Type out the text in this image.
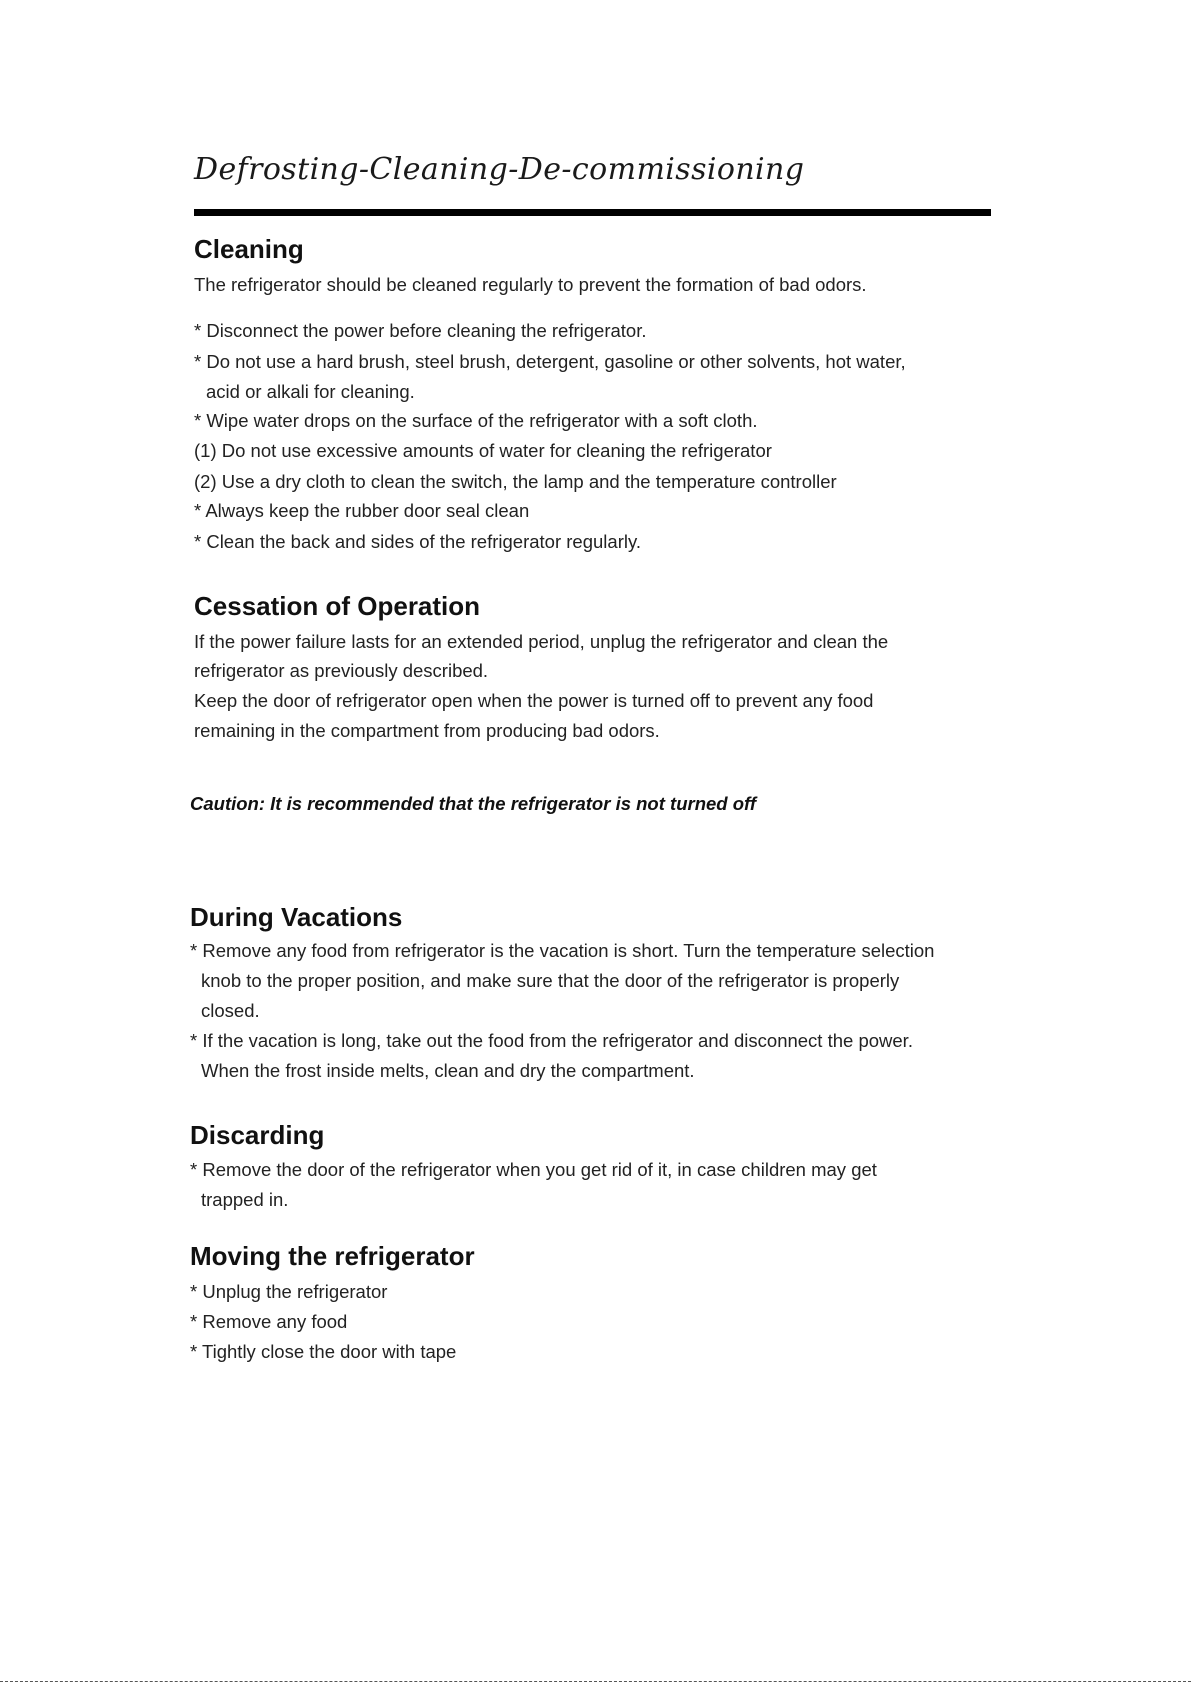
Defrosting-Cleaning-De-commissioning
Cleaning

The refrigerator should be cleaned regularly to prevent the formation of bad odors.

* Disconnect the power before cleaning the refrigerator.

* Do not use a hard brush, steel brush, detergent, gasoline or other solvents, hot water,

acid or alkali for cleaning.

* Wipe water drops on the surface of the refrigerator with a soft cloth.

(1) Do not use excessive amounts of water for cleaning the refrigerator

(2) Use a dry cloth to clean the switch, the lamp and the temperature controller

* Always keep the rubber door seal clean

* Clean the back and sides of the refrigerator regularly.

Cessation of Operation

If the power failure lasts for an extended period, unplug the refrigerator and clean the

refrigerator as previously described.

Keep the door of refrigerator open when the power is turned off to prevent any food

remaining in the compartment from producing bad odors.

Caution: It is recommended that the refrigerator is not turned off

During Vacations

* Remove any food from refrigerator is the vacation is short. Turn the temperature selection

knob to the proper position, and make sure that the door of the refrigerator is properly

closed.

* If the vacation is long, take out the food from the refrigerator and disconnect the power.

When the frost inside melts, clean and dry the compartment.

Discarding

* Remove the door of the refrigerator when you get rid of it, in case children may get

trapped in.

Moving the refrigerator

* Unplug the refrigerator

* Remove any food

* Tightly close the door with tape
